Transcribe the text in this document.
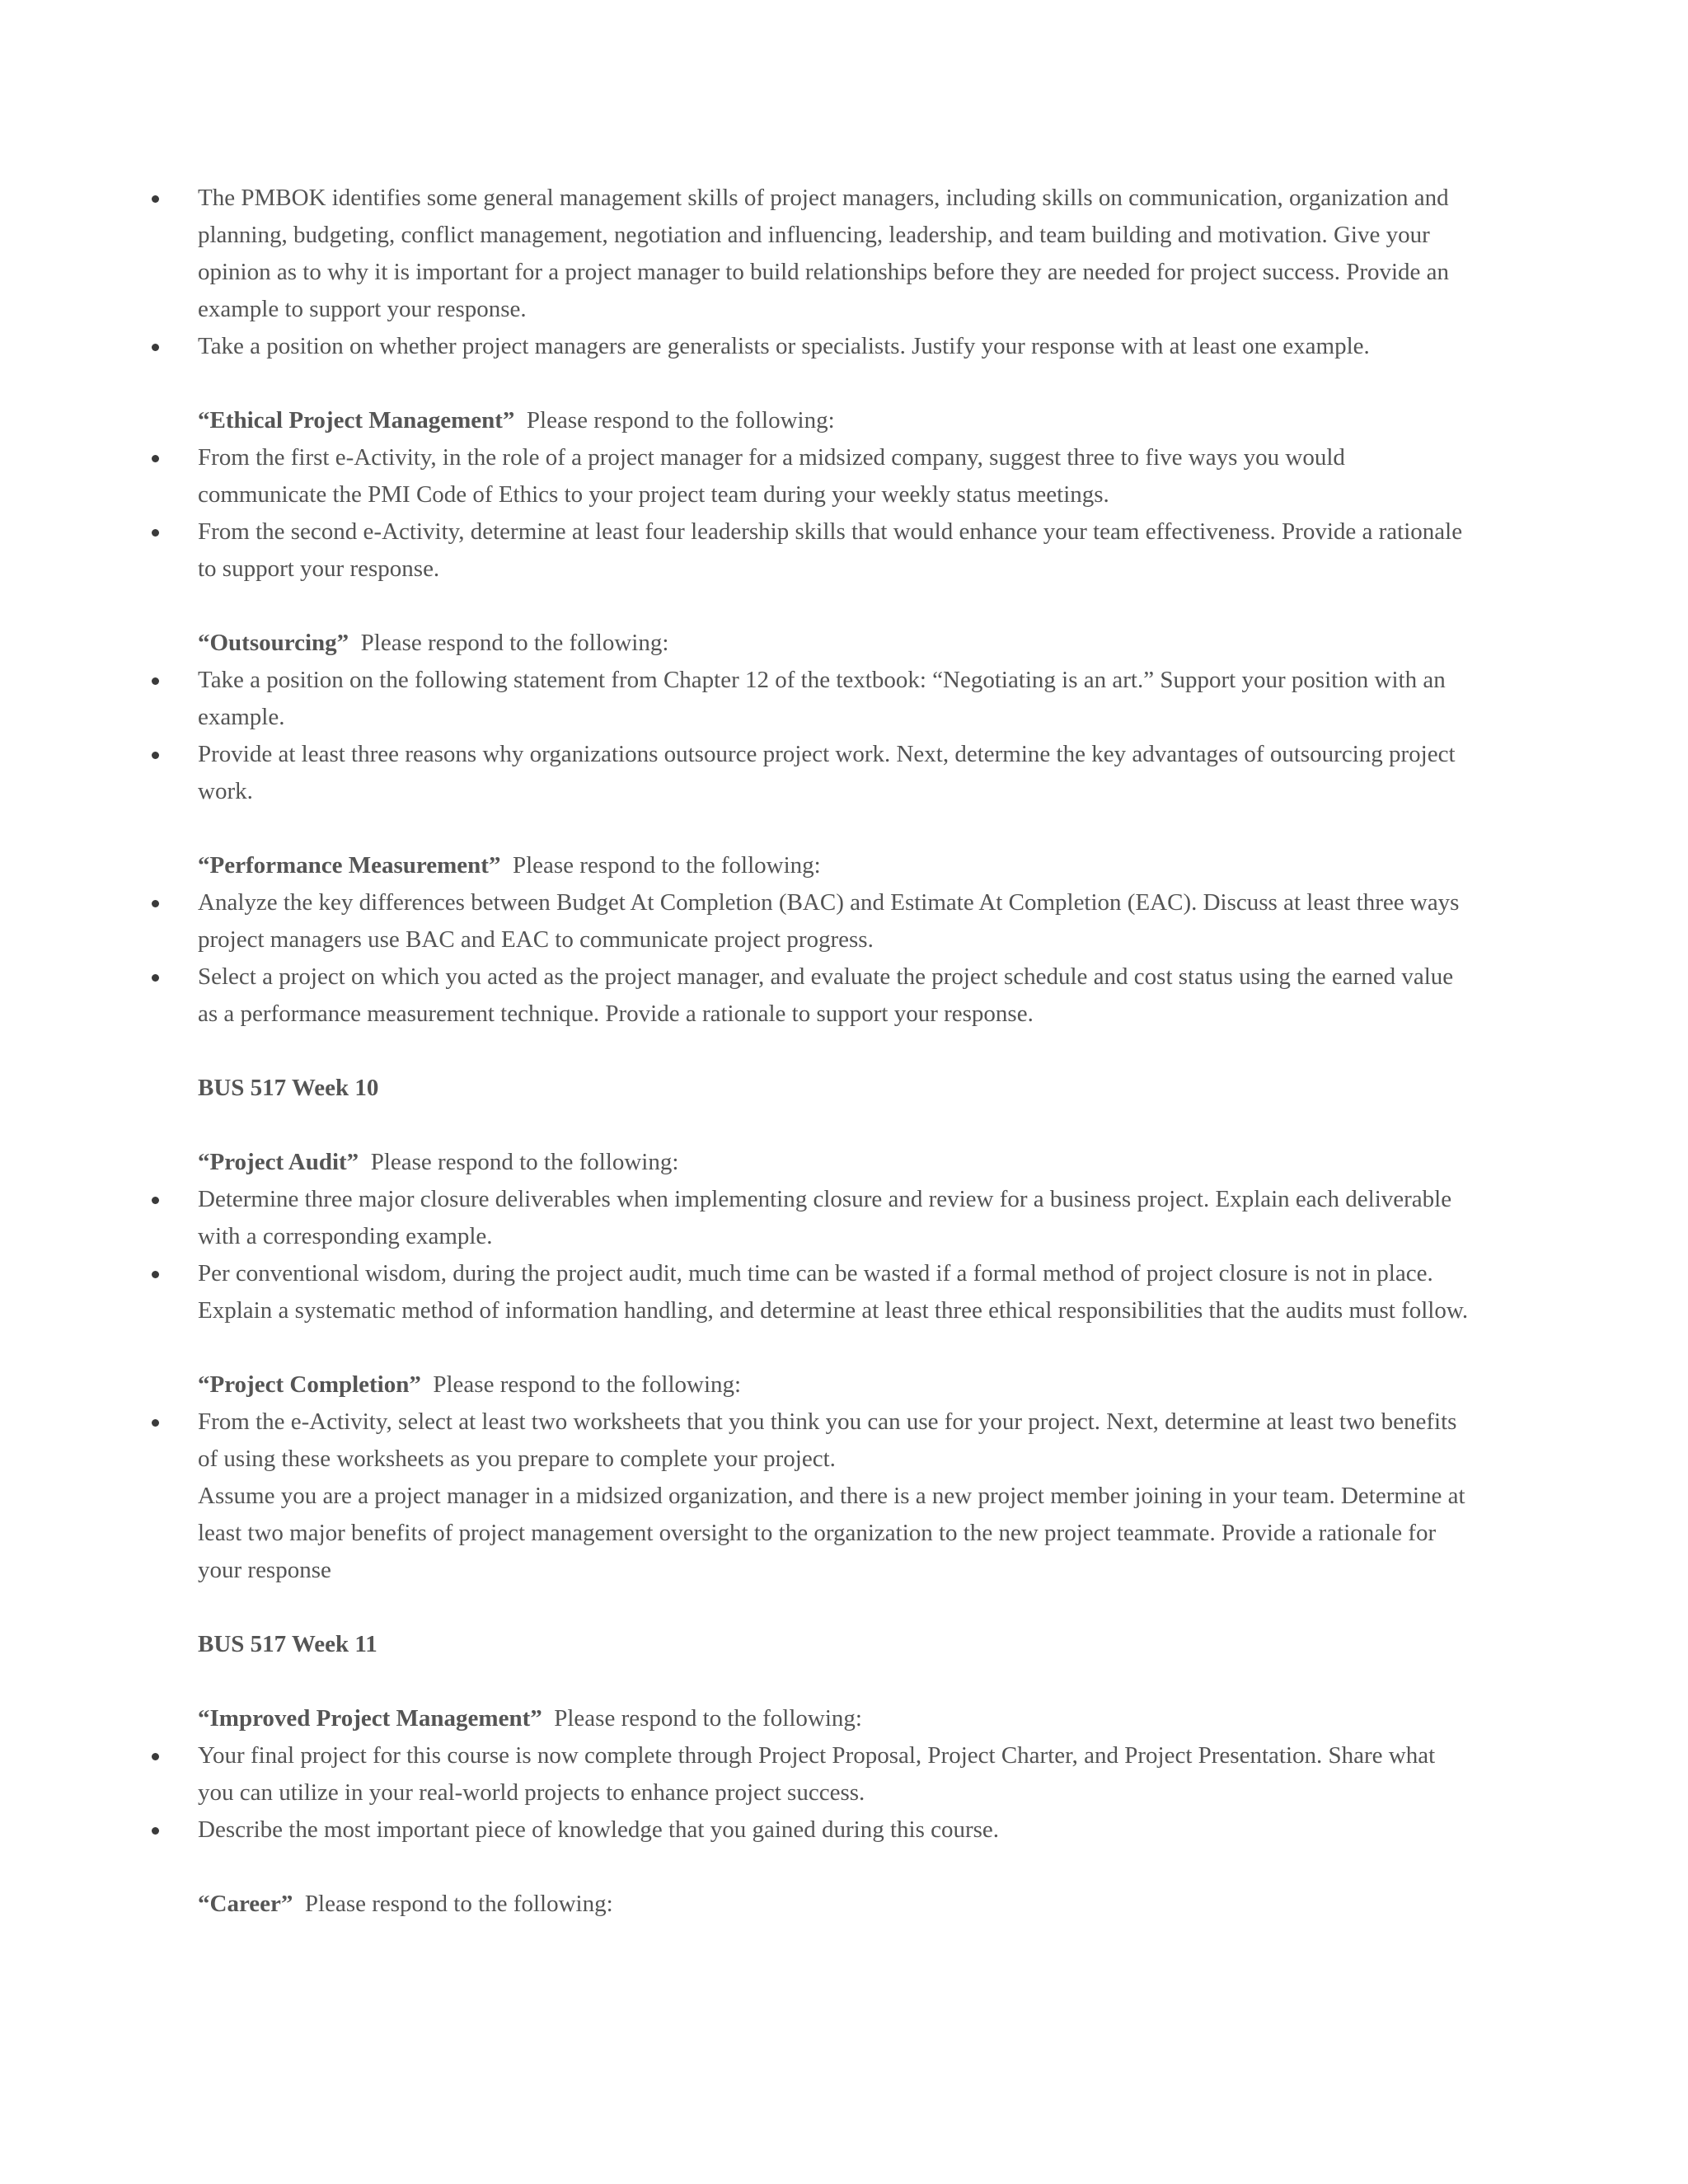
The PMBOK identifies some general management skills of project managers, including skills on communication, organization and planning, budgeting, conflict management, negotiation and influencing, leadership, and team building and motivation. Give your opinion as to why it is important for a project manager to build relationships before they are needed for project success. Provide an example to support your response.
Take a position on whether project managers are generalists or specialists. Justify your response with at least one example.
“Ethical Project Management” Please respond to the following:
From the first e-Activity, in the role of a project manager for a midsized company, suggest three to five ways you would communicate the PMI Code of Ethics to your project team during your weekly status meetings.
From the second e-Activity, determine at least four leadership skills that would enhance your team effectiveness. Provide a rationale to support your response.
“Outsourcing” Please respond to the following:
Take a position on the following statement from Chapter 12 of the textbook: “Negotiating is an art.” Support your position with an example.
Provide at least three reasons why organizations outsource project work. Next, determine the key advantages of outsourcing project work.
“Performance Measurement” Please respond to the following:
Analyze the key differences between Budget At Completion (BAC) and Estimate At Completion (EAC). Discuss at least three ways project managers use BAC and EAC to communicate project progress.
Select a project on which you acted as the project manager, and evaluate the project schedule and cost status using the earned value as a performance measurement technique. Provide a rationale to support your response.
BUS 517 Week 10
“Project Audit” Please respond to the following:
Determine three major closure deliverables when implementing closure and review for a business project. Explain each deliverable with a corresponding example.
Per conventional wisdom, during the project audit, much time can be wasted if a formal method of project closure is not in place. Explain a systematic method of information handling, and determine at least three ethical responsibilities that the audits must follow.
“Project Completion” Please respond to the following:
From the e-Activity, select at least two worksheets that you think you can use for your project. Next, determine at least two benefits of using these worksheets as you prepare to complete your project.
Assume you are a project manager in a midsized organization, and there is a new project member joining in your team. Determine at least two major benefits of project management oversight to the organization to the new project teammate. Provide a rationale for your response
BUS 517 Week 11
“Improved Project Management” Please respond to the following:
Your final project for this course is now complete through Project Proposal, Project Charter, and Project Presentation. Share what you can utilize in your real-world projects to enhance project success.
Describe the most important piece of knowledge that you gained during this course.
“Career” Please respond to the following:
